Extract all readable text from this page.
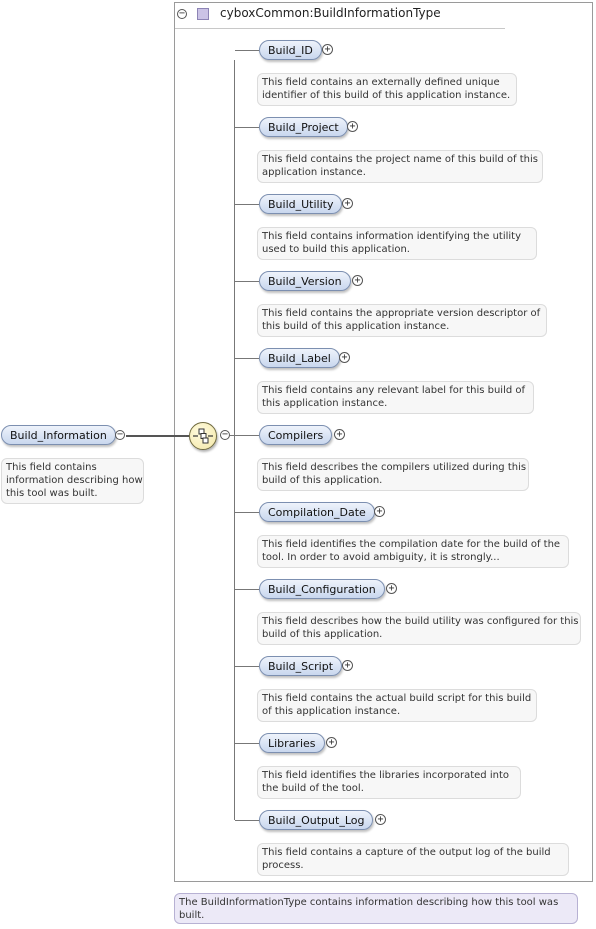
−	cyboxCommon:BuildInformationType
Build_Information	−
This field contains
information describing how
this tool was built.
−
Build_ID	+
This field contains an externally defined unique
identifier of this build of this application instance.
Build_Project	+
This field contains the project name of this build of this
application instance.
Build_Utility	+
This field contains information identifying the utility
used to build this application.
Build_Version	+
This field contains the appropriate version descriptor of
this build of this application instance.
Build_Label	+
This field contains any relevant label for this build of
this application instance.
Compilers	+
This field describes the compilers utilized during this
build of this application.
Compilation_Date	+
This field identifies the compilation date for the build of the
tool. In order to avoid ambiguity, it is strongly...
Build_Configuration	+
This field describes how the build utility was configured for this
build of this application.
Build_Script	+
This field contains the actual build script for this build
of this application instance.
Libraries	+
This field identifies the libraries incorporated into
the build of the tool.
Build_Output_Log	+
This field contains a capture of the output log of the build
process.
The BuildInformationType contains information describing how this tool was
built.
